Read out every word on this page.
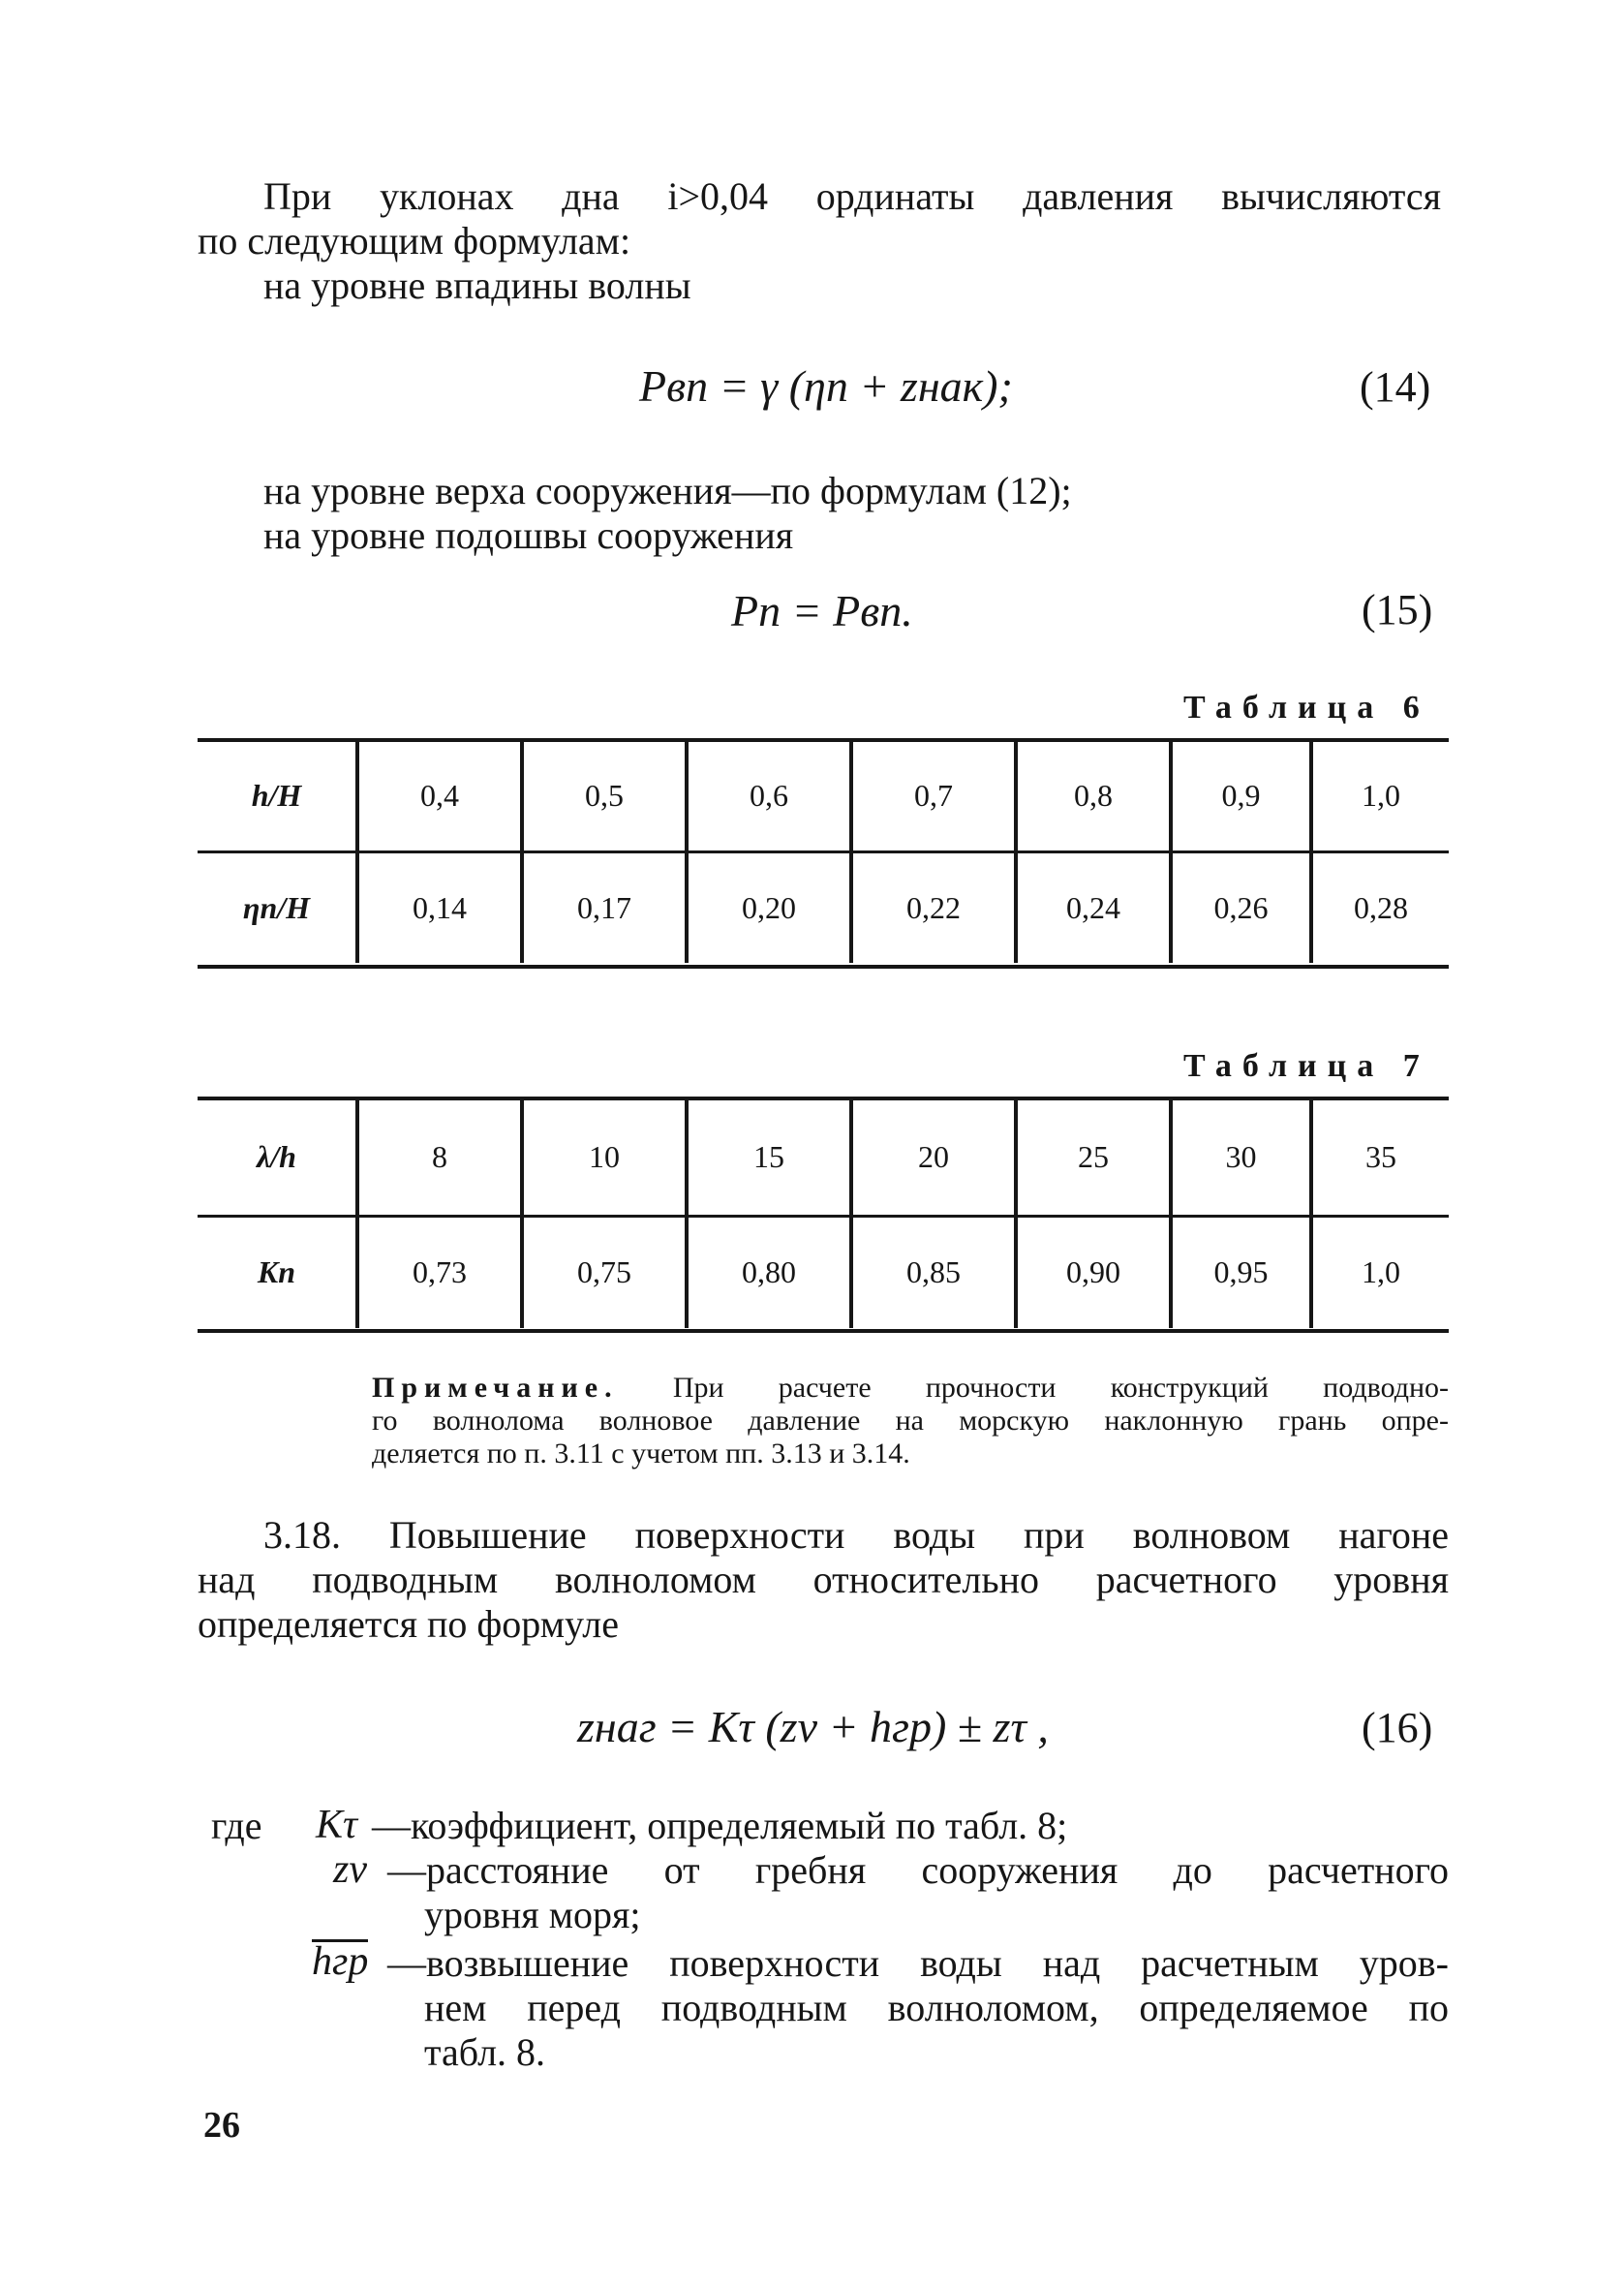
При уклонах дна i>0,04 ординаты давления вычисляются
по следующим формулам:
на уровне впадины волны
Pвп = γ (ηn + zнак);	(14)
на уровне верха сооружения—по формулам (12);
на уровне подошвы сооружения
Pп = Pвп.	(15)
Таблица 6
h/H	0,4	0,5	0,6	0,7	0,8	0,9	1,0
ηn/H	0,14	0,17	0,20	0,22	0,24	0,26	0,28
Таблица 7
λ/h	8	10	15	20	25	30	35
Kп	0,73	0,75	0,80	0,85	0,90	0,95	1,0
Примечание. При расчете прочности конструкций подводно-
го волнолома волновое давление на морскую наклонную грань опре-
деляется по п. 3.11 с учетом пп. 3.13 и 3.14.
3.18. Повышение поверхности воды при волновом нагоне
над подводным волноломом относительно расчетного уровня
определяется по формуле
zнаг = Kτ (zv + hгр) ± zτ ,	(16)
где Kτ —коэффициент, определяемый по табл. 8;
zv —расстояние от гребня сооружения до расчетного
уровня моря;
hгр —возвышение поверхности воды над расчетным уров-
нем перед подводным волноломом, определяемое по
табл. 8.
26
